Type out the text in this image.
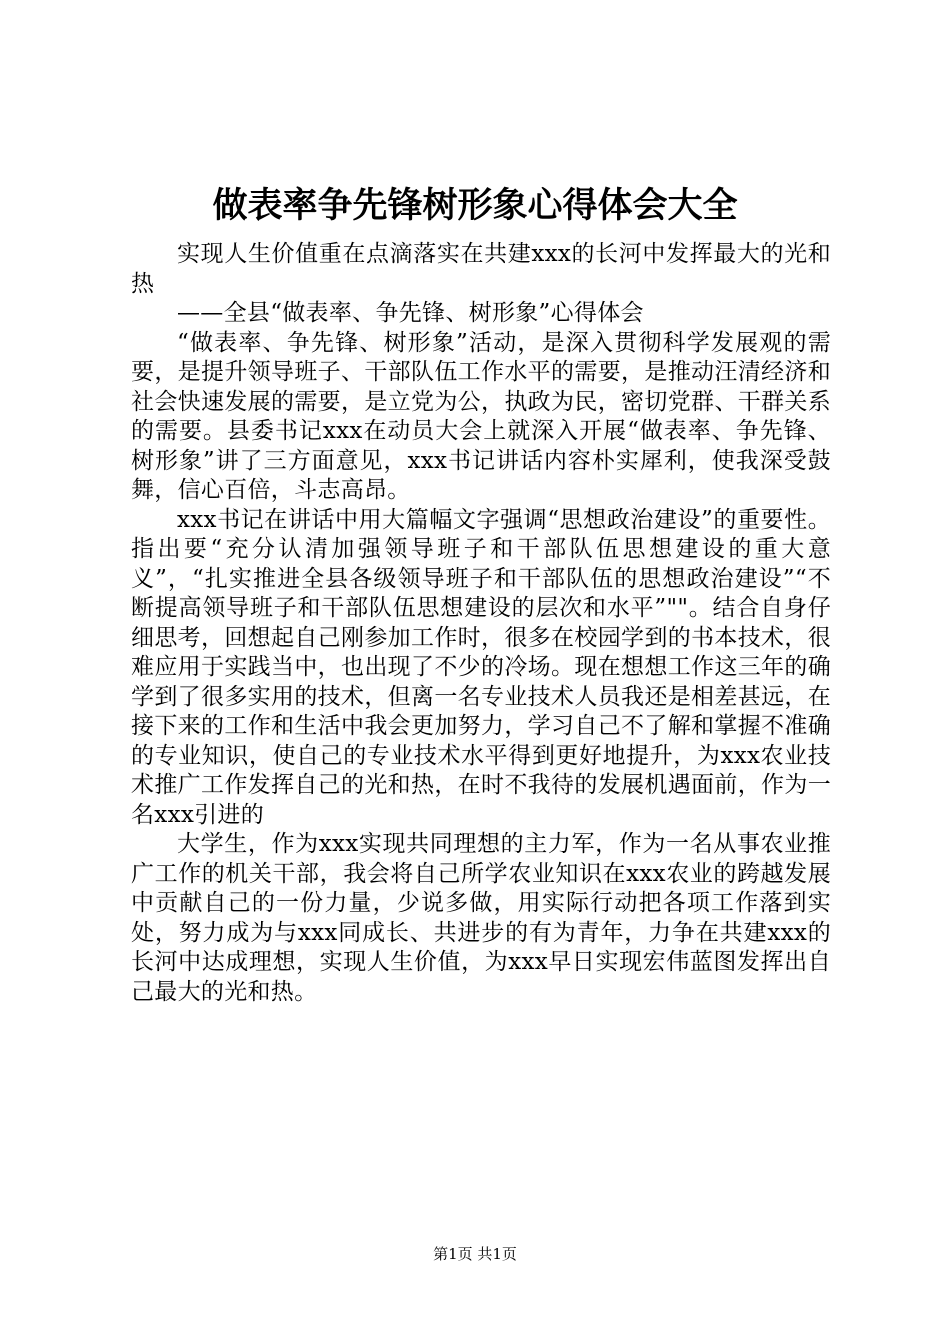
做表率争先锋树形象心得体会大全

实现人生价值重在点滴落实在共建xxx的长河中发挥最大的光和热

——全县“做表率、争先锋、树形象”心得体会

“做表率、争先锋、树形象”活动，是深入贯彻科学发展观的需要，是提升领导班子、干部队伍工作水平的需要，是推动汪清经济和社会快速发展的需要，是立党为公，执政为民，密切党群、干群关系的需要。县委书记xxx在动员大会上就深入开展“做表率、争先锋、树形象”讲了三方面意见，xxx书记讲话内容朴实犀利，使我深受鼓舞，信心百倍，斗志高昂。

xxx书记在讲话中用大篇幅文字强调“思想政治建设”的重要性。指出要“充分认清加强领导班子和干部队伍思想建设的重大意义”，“扎实推进全县各级领导班子和干部队伍的思想政治建设”“不断提高领导班子和干部队伍思想建设的层次和水平”""。结合自身仔细思考，回想起自己刚参加工作时，很多在校园学到的书本技术，很难应用于实践当中，也出现了不少的冷场。现在想想工作这三年的确学到了很多实用的技术，但离一名专业技术人员我还是相差甚远，在接下来的工作和生活中我会更加努力，学习自己不了解和掌握不准确的专业知识，使自己的专业技术水平得到更好地提升，为xxx农业技术推广工作发挥自己的光和热，在时不我待的发展机遇面前，作为一名xxx引进的

大学生，作为xxx实现共同理想的主力军，作为一名从事农业推广工作的机关干部，我会将自己所学农业知识在xxx农业的跨越发展中贡献自己的一份力量，少说多做，用实际行动把各项工作落到实处，努力成为与xxx同成长、共进步的有为青年，力争在共建xxx的长河中达成理想，实现人生价值，为xxx早日实现宏伟蓝图发挥出自己最大的光和热。

第1页 共1页
